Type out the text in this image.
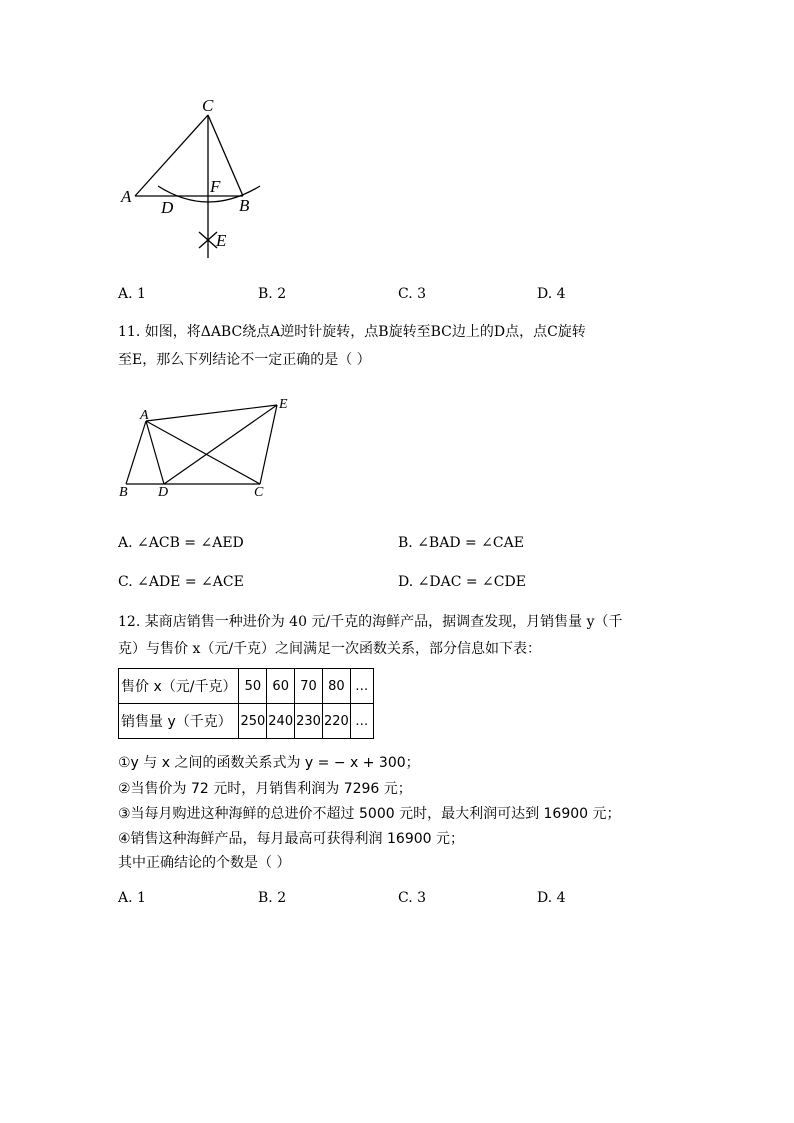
C
A
F
D	B
E
A. 1	B. 2	C. 3	D. 4
11. 如图，将ΔABC绕点A逆时针旋转，点B旋转至BC边上的D点，点C旋转
至E，那么下列结论不一定正确的是（ ）
A
E
B D	C
A. ∠ACB = ∠AED	B. ∠BAD = ∠CAE
C. ∠ADE = ∠ACE	D. ∠DAC = ∠CDE
12. 某商店销售一种进价为 40 元/千克的海鲜产品，据调查发现，月销售量 y（千
克）与售价 x（元/千克）之间满足一次函数关系，部分信息如下表：
售价 x（元/千克）	50	60	70	80	…
销售量 y（千克）	250	240	230	220	…
①y 与 x 之间的函数关系式为 y = − x + 300；
②当售价为 72 元时，月销售利润为 7296 元；
③当每月购进这种海鲜的总进价不超过 5000 元时，最大利润可达到 16900 元；
④销售这种海鲜产品，每月最高可获得利润 16900 元；
其中正确结论的个数是（ ）
A. 1	B. 2	C. 3	D. 4
